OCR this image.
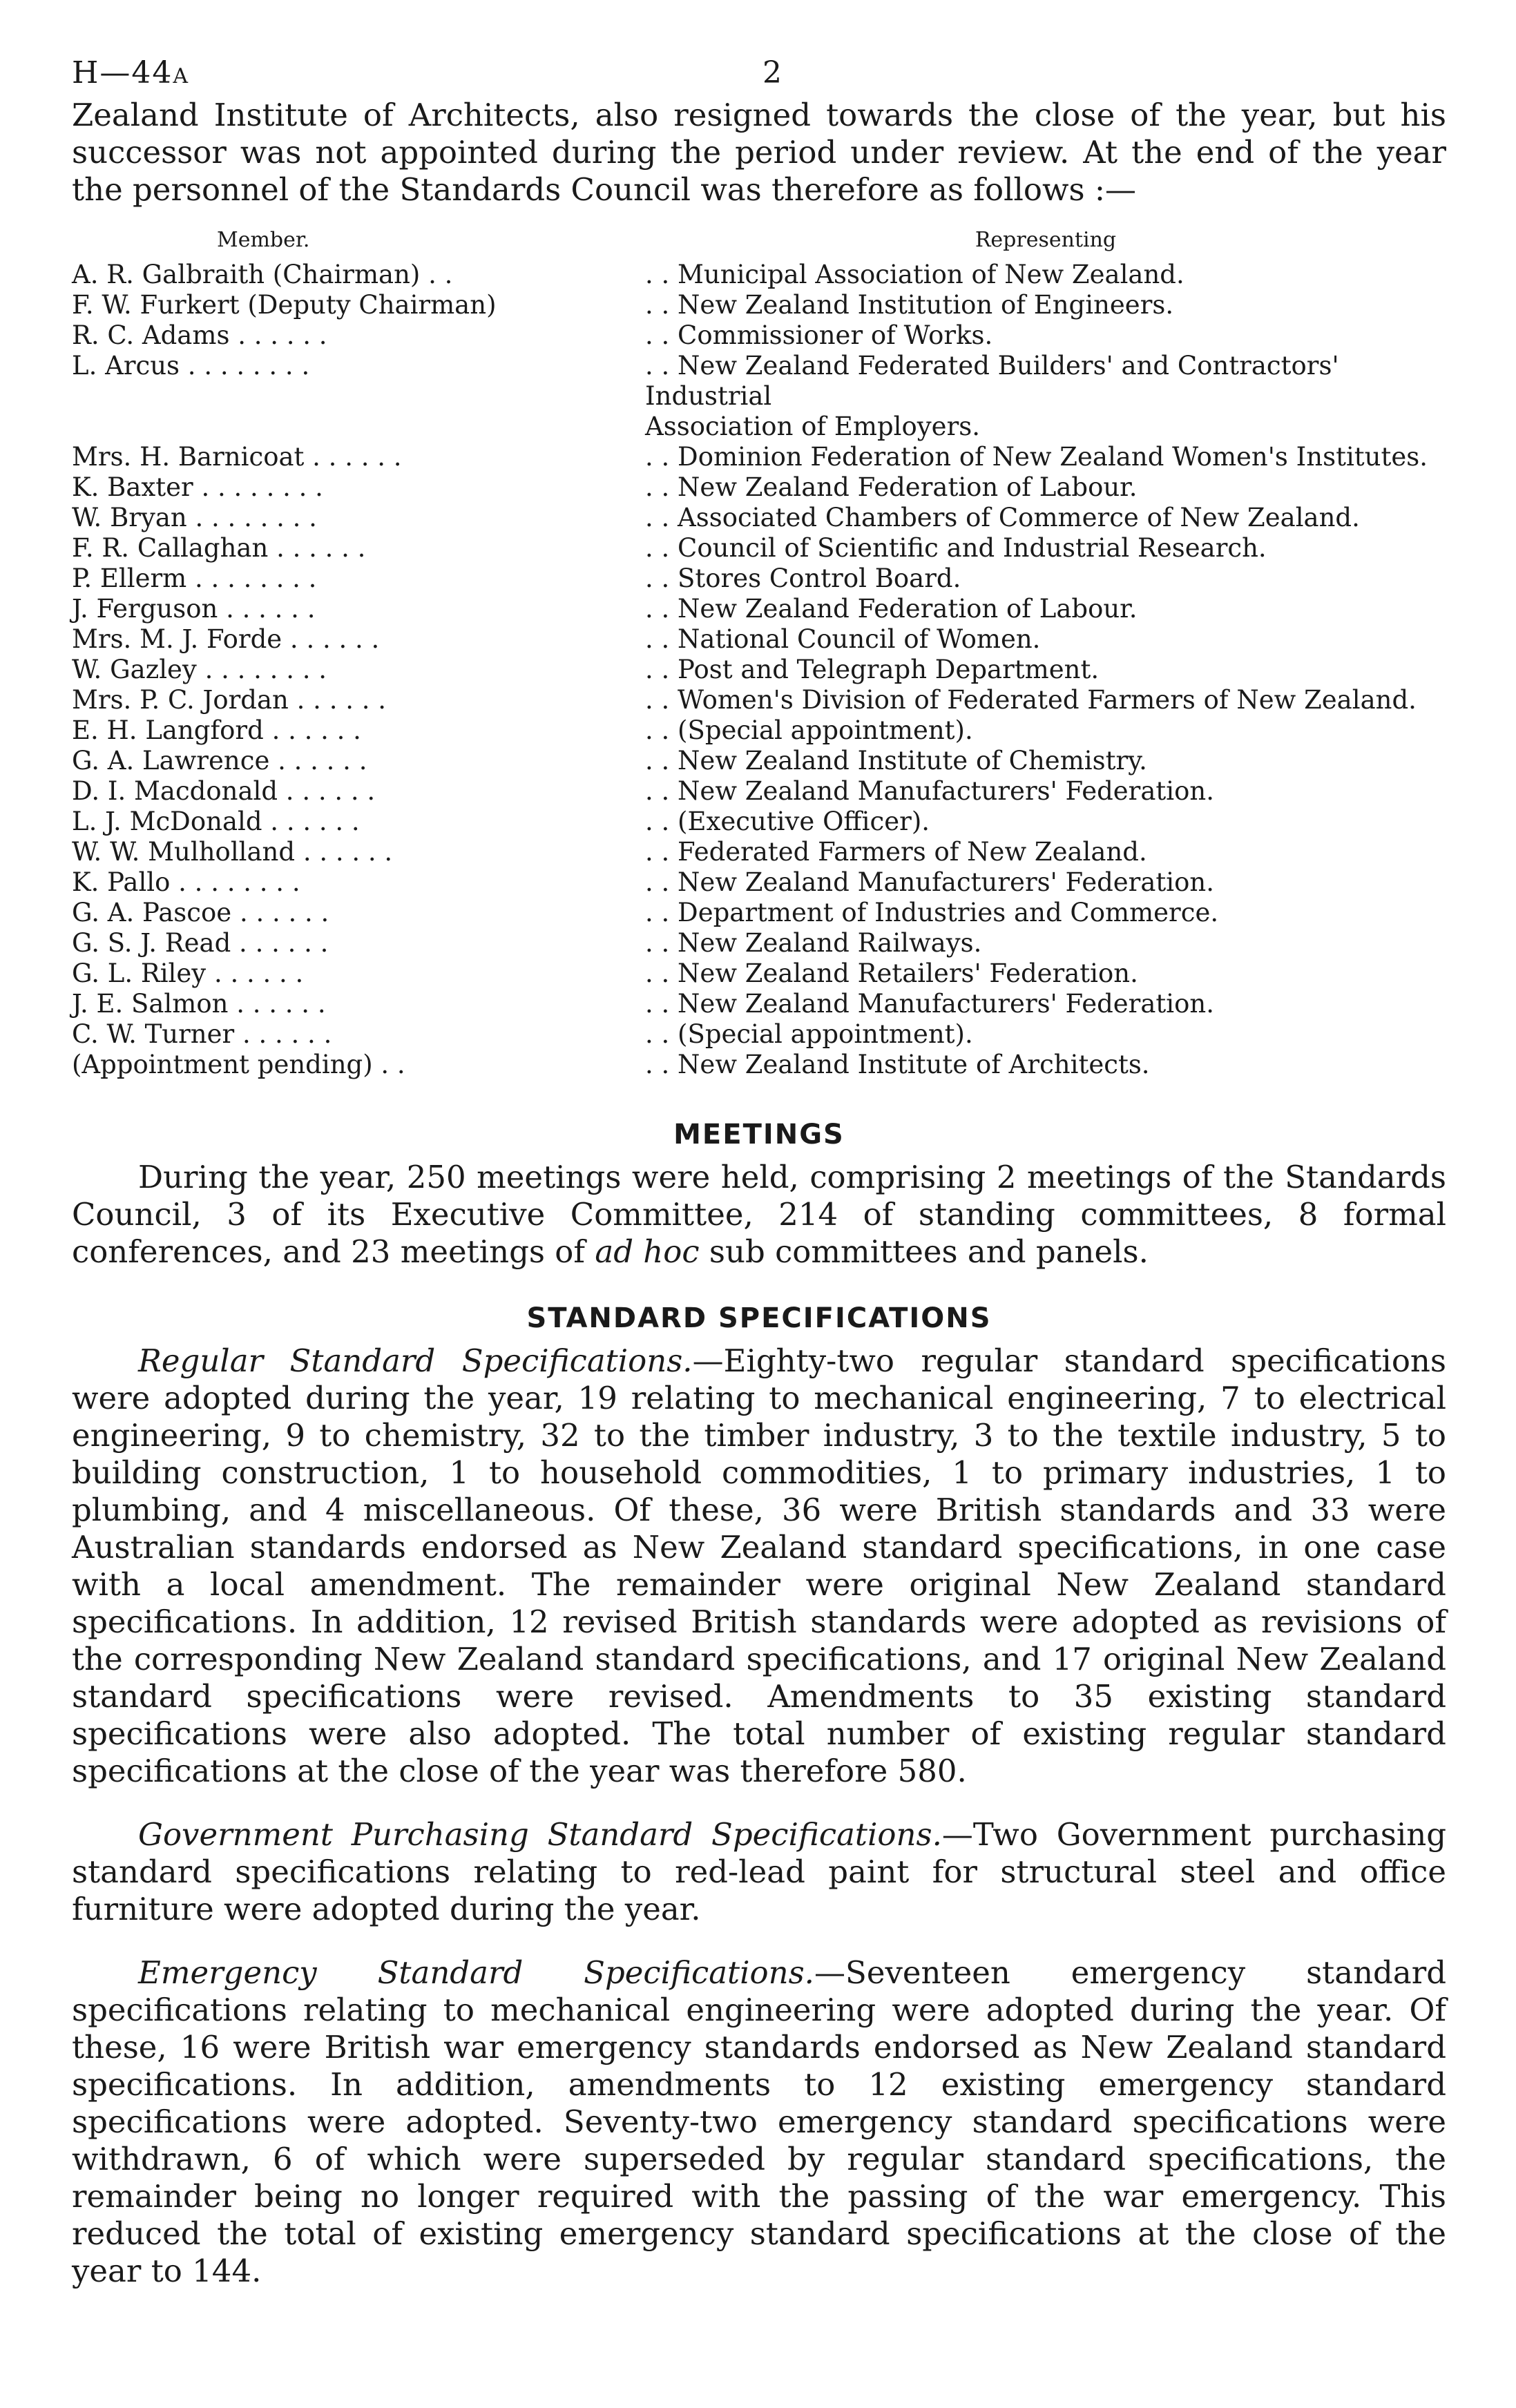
H—44A	2

Zealand Institute of Architects, also resigned towards the close of the year, but his successor was not appointed during the period under review. At the end of the year the personnel of the Standards Council was therefore as follows :—

Member.	Representing
A. R. Galbraith (Chairman) . .	. . Municipal Association of New Zealand.
F. W. Furkert (Deputy Chairman)	. . New Zealand Institution of Engineers.
R. C. Adams . . . . . .	. . Commissioner of Works.
L. Arcus . . . . . . . .	. . New Zealand Federated Builders' and Contractors' Industrial
	Association of Employers.
Mrs. H. Barnicoat . . . . . .	. . Dominion Federation of New Zealand Women's Institutes.
K. Baxter . . . . . . . .	. . New Zealand Federation of Labour.
W. Bryan . . . . . . . .	. . Associated Chambers of Commerce of New Zealand.
F. R. Callaghan . . . . . .	. . Council of Scientific and Industrial Research.
P. Ellerm . . . . . . . .	. . Stores Control Board.
J. Ferguson . . . . . .	. . New Zealand Federation of Labour.
Mrs. M. J. Forde . . . . . .	. . National Council of Women.
W. Gazley . . . . . . . .	. . Post and Telegraph Department.
Mrs. P. C. Jordan . . . . . .	. . Women's Division of Federated Farmers of New Zealand.
E. H. Langford . . . . . .	. . (Special appointment).
G. A. Lawrence . . . . . .	. . New Zealand Institute of Chemistry.
D. I. Macdonald . . . . . .	. . New Zealand Manufacturers' Federation.
L. J. McDonald . . . . . .	. . (Executive Officer).
W. W. Mulholland . . . . . .	. . Federated Farmers of New Zealand.
K. Pallo . . . . . . . .	. . New Zealand Manufacturers' Federation.
G. A. Pascoe . . . . . .	. . Department of Industries and Commerce.
G. S. J. Read . . . . . .	. . New Zealand Railways.
G. L. Riley . . . . . .	. . New Zealand Retailers' Federation.
J. E. Salmon . . . . . .	. . New Zealand Manufacturers' Federation.
C. W. Turner . . . . . .	. . (Special appointment).
(Appointment pending) . .	. . New Zealand Institute of Architects.
MEETINGS

During the year, 250 meetings were held, comprising 2 meetings of the Standards Council, 3 of its Executive Committee, 214 of standing committees, 8 formal conferences, and 23 meetings of ad hoc sub committees and panels.

STANDARD SPECIFICATIONS

Regular Standard Specifications.—Eighty-two regular standard specifications were adopted during the year, 19 relating to mechanical engineering, 7 to electrical engineering, 9 to chemistry, 32 to the timber industry, 3 to the textile industry, 5 to building construction, 1 to household commodities, 1 to primary industries, 1 to plumbing, and 4 miscellaneous. Of these, 36 were British standards and 33 were Australian standards endorsed as New Zealand standard specifications, in one case with a local amendment. The remainder were original New Zealand standard specifications. In addition, 12 revised British standards were adopted as revisions of the corresponding New Zealand standard specifications, and 17 original New Zealand standard specifications were revised. Amendments to 35 existing standard specifications were also adopted. The total number of existing regular standard specifications at the close of the year was therefore 580.

Government Purchasing Standard Specifications.—Two Government purchasing standard specifications relating to red-lead paint for structural steel and office furniture were adopted during the year.

Emergency Standard Specifications.—Seventeen emergency standard specifications relating to mechanical engineering were adopted during the year. Of these, 16 were British war emergency standards endorsed as New Zealand standard specifications. In addition, amendments to 12 existing emergency standard specifications were adopted. Seventy-two emergency standard specifications were withdrawn, 6 of which were superseded by regular standard specifications, the remainder being no longer required with the passing of the war emergency. This reduced the total of existing emergency standard specifications at the close of the year to 144.
